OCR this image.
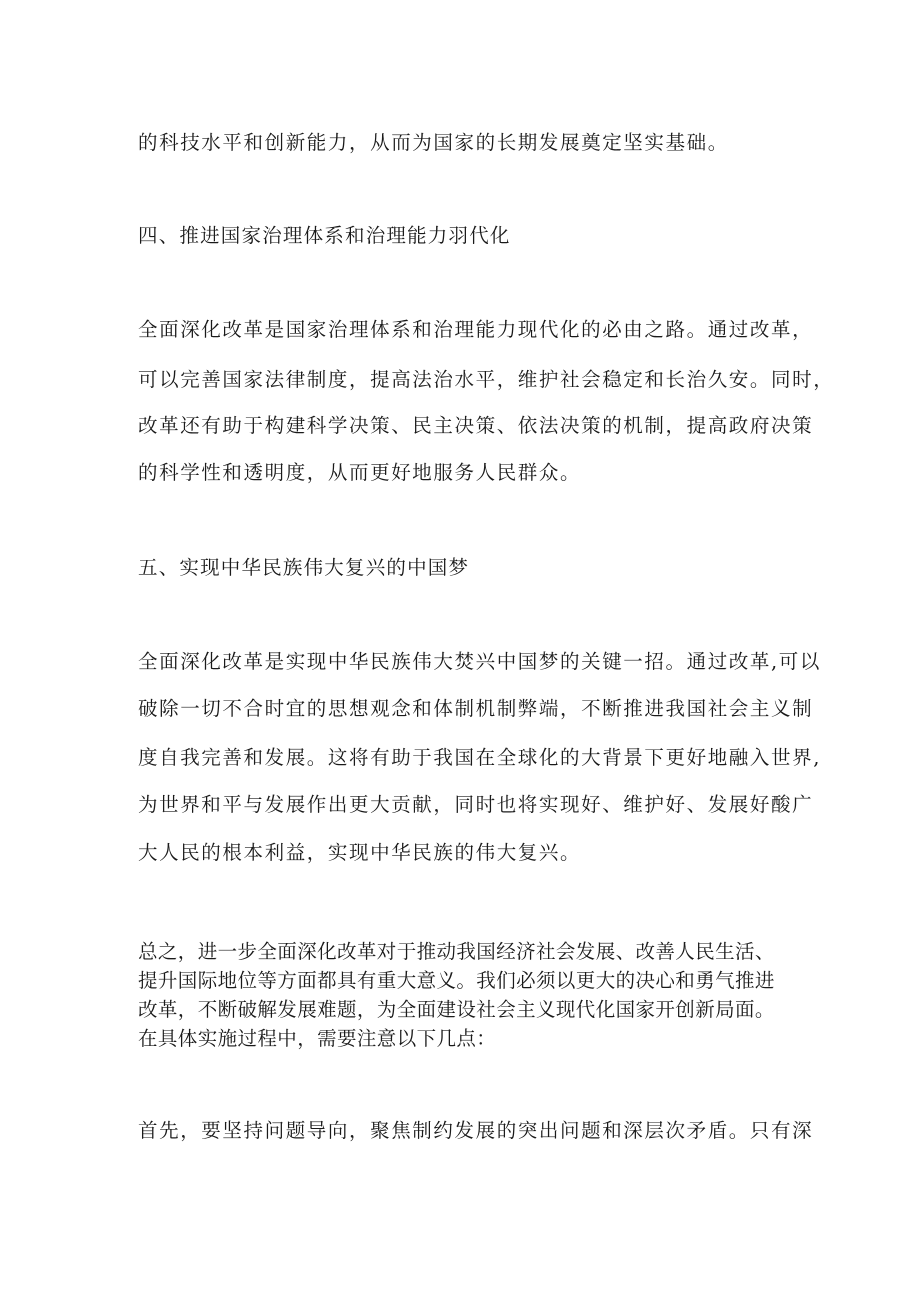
的科技水平和创新能力，从而为国家的长期发展奠定坚实基础。
四、推进国家治理体系和治理能力羽代化
全面深化改革是国家治理体系和治理能力现代化的必由之路。通过改革，
可以完善国家法律制度，提高法治水平，维护社会稳定和长治久安。同时，
改革还有助于构建科学决策、民主决策、依法决策的机制，提高政府决策
的科学性和透明度，从而更好地服务人民群众。
五、实现中华民族伟大复兴的中国梦
全面深化改革是实现中华民族伟大焚兴中国梦的关键一招。通过改革,可以
破除一切不合时宜的思想观念和体制机制弊端，不断推进我国社会主义制
度自我完善和发展。这将有助于我国在全球化的大背景下更好地融入世界,
为世界和平与发展作出更大贡献，同时也将实现好、维护好、发展好酸广
大人民的根本利益，实现中华民族的伟大复兴。
总之，进一步全面深化改革对于推动我国经济社会发展、改善人民生活、
提升国际地位等方面都具有重大意义。我们必须以更大的决心和勇气推进
改革，不断破解发展难题，为全面建设社会主义现代化国家开创新局面。
在具体实施过程中，需要注意以下几点：
首先，要坚持问题导向，聚焦制约发展的突出问题和深层次矛盾。只有深
